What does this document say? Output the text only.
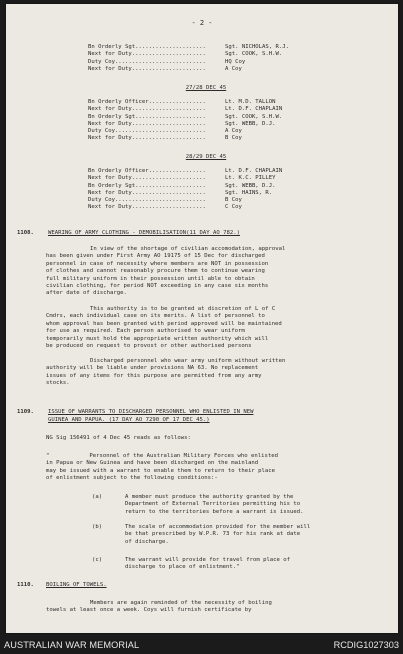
- 2 -
Bn Orderly Sgt.....................	Sgt. NICHOLAS, R.J.
Next for Duty......................	Sgt. COOK, S.H.W.
Duty Coy...........................	HQ Coy
Next for Duty......................	A Coy
27/28 DEC 45
Bn Orderly Officer.................	Lt. M.D. TALLON
Next for Duty......................	Lt. D.F. CHAPLAIN
Bn Orderly Sgt.....................	Sgt. COOK, S.H.W.
Next for Duty......................	Sgt. WEBB, D.J.
Duty Coy...........................	A Coy
Next for Duty......................	B Coy
28/29 DEC 45
Bn Orderly Officer.................	Lt. D.F. CHAPLAIN
Next for Duty......................	Lt. K.C. PILLEY
Bn Orderly Sgt.....................	Sgt. WEBB, D.J.
Next for Duty......................	Sgt. HAINS, R.
Duty Coy...........................	B Coy
Next for Duty......................	C Coy
1108.	WEARING OF ARMY CLOTHING - DEMOBILISATION(11 DAY AO 782.)
In view of the shortage of civilian accomodation, approval
has been given under First Army AO 19175 of 15 Dec for discharged
personnel in case of necessity where members are NOT in possession
of clothes and cannot reasonably procure them to continue wearing
full military uniform in their possession until able to obtain
civilian clothing, for period NOT exceeding in any case six months
after date of discharge.
This authority is to be granted at discretion of L of C
Cmdrs, each individual case on its merits. A list of personnel to
whom approval has been granted with period approved will be maintained
for use as required. Each person authorised to wear uniform
temporarily must hold the appropriate written authority which will
be produced on request to provost or other authorised persons
Discharged personnel who wear army uniform without written
authority will be liable under provisions NA 63. No replacement
issues of any items for this purpose are permitted from any army
stocks.
1109.	ISSUE OF WARRANTS TO DISCHARGED PERSONNEL WHO ENLISTED IN NEW
GUINEA AND PAPUA. (17 DAY AO 7290 OF 17 DEC 45.)
NG Sig 156491 of 4 Dec 45 reads as follows:
"	Personnel of the Australian Military Forces who enlisted
in Papua or New Guinea and have been discharged on the mainland
may be issued with a warrant to enable them to return to their place
of enlistment subject to the following conditions:-
(a)	A member must produce the authority granted by the
Department of External Territories permitting his to
return to the territories before a warrant is issued.
(b)	The scale of accommodation provided for the member will
be that prescribed by W.P.R. 73 for his rank at date
of discharge.
(c)	The warrant will provide for travel from place of
discharge to place of enlistment."
1110. BOILING OF TOWELS.
Members are again reminded of the necessity of boiling
towels at least once a week. Coys will furnish certificate by
AUSTRALIAN WAR MEMORIAL	RCDIG1027303
